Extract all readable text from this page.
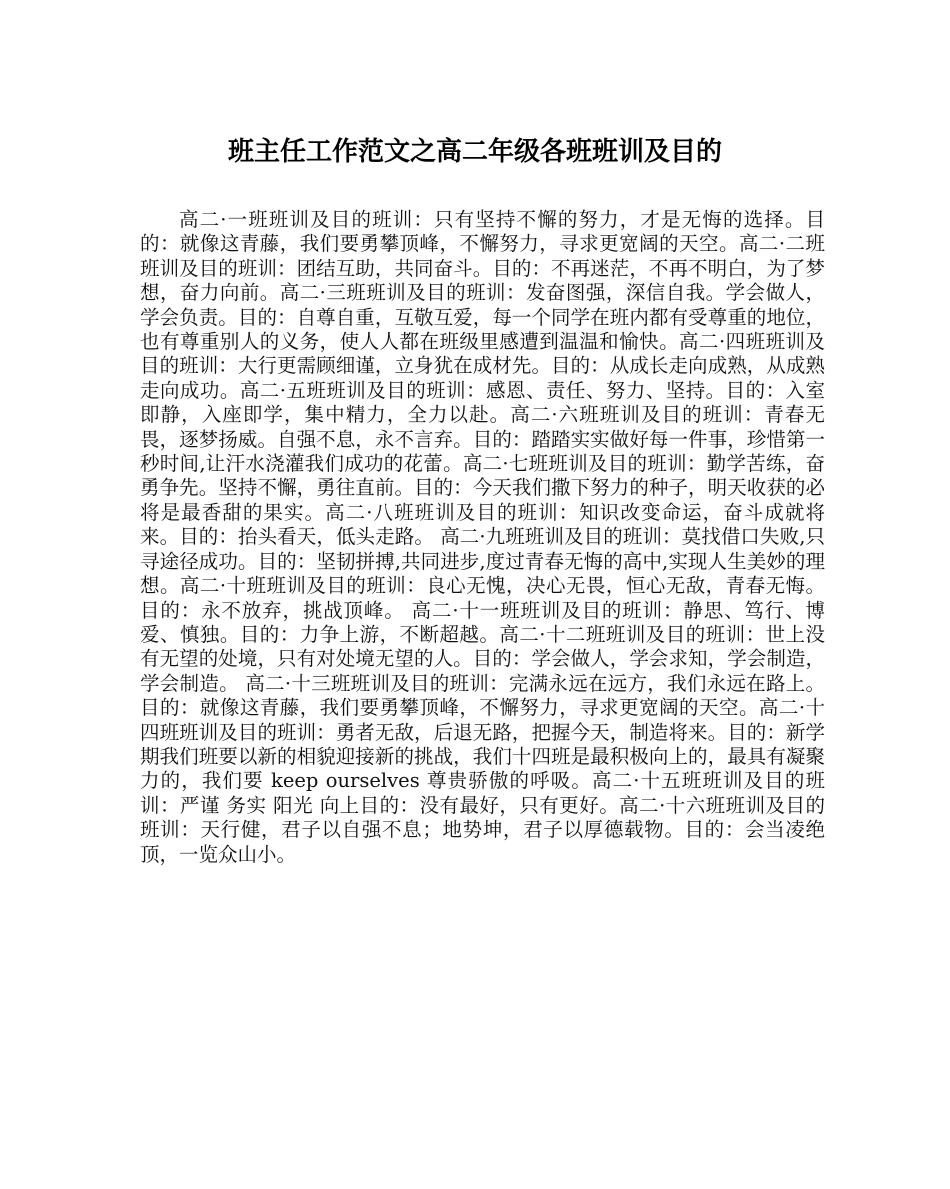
班主任工作范文之高二年级各班班训及目的

高二·一班班训及目的班训：只有坚持不懈的努力，才是无悔的选择。目的：就像这青藤，我们要勇攀顶峰，不懈努力，寻求更宽阔的天空。高二·二班班训及目的班训：团结互助，共同奋斗。目的：不再迷茫，不再不明白，为了梦想，奋力向前。高二·三班班训及目的班训：发奋图强，深信自我。学会做人，学会负责。目的：自尊自重，互敬互爱，每一个同学在班内都有受尊重的地位，也有尊重别人的义务，使人人都在班级里感遭到温温和愉快。高二·四班班训及目的班训：大行更需顾细谨，立身犹在成材先。目的：从成长走向成熟，从成熟走向成功。高二·五班班训及目的班训：感恩、责任、努力、坚持。目的：入室即静，入座即学，集中精力，全力以赴。高二·六班班训及目的班训：青春无畏，逐梦扬威。自强不息，永不言弃。目的：踏踏实实做好每一件事，珍惜第一秒时间,让汗水浇灌我们成功的花蕾。高二·七班班训及目的班训：勤学苦练，奋勇争先。坚持不懈，勇往直前。目的：今天我们撒下努力的种子，明天收获的必将是最香甜的果实。高二·八班班训及目的班训：知识改变命运，奋斗成就将来。目的：抬头看天，低头走路。 高二·九班班训及目的班训：莫找借口失败,只寻途径成功。目的：坚韧拼搏,共同进步,度过青春无悔的高中,实现人生美妙的理想。高二·十班班训及目的班训：良心无愧，决心无畏，恒心无敌，青春无悔。目的：永不放弃，挑战顶峰。 高二·十一班班训及目的班训：静思、笃行、博爱、慎独。目的：力争上游，不断超越。高二·十二班班训及目的班训：世上没有无望的处境，只有对处境无望的人。目的：学会做人，学会求知，学会制造，学会制造。 高二·十三班班训及目的班训：完满永远在远方，我们永远在路上。目的：就像这青藤，我们要勇攀顶峰，不懈努力，寻求更宽阔的天空。高二·十四班班训及目的班训：勇者无敌，后退无路，把握今天，制造将来。目的：新学期我们班要以新的相貌迎接新的挑战，我们十四班是最积极向上的，最具有凝聚力的，我们要 keep ourselves 尊贵骄傲的呼吸。高二·十五班班训及目的班训：严谨 务实 阳光 向上目的：没有最好，只有更好。高二·十六班班训及目的班训：天行健，君子以自强不息；地势坤，君子以厚德载物。目的：会当凌绝顶，一览众山小。
